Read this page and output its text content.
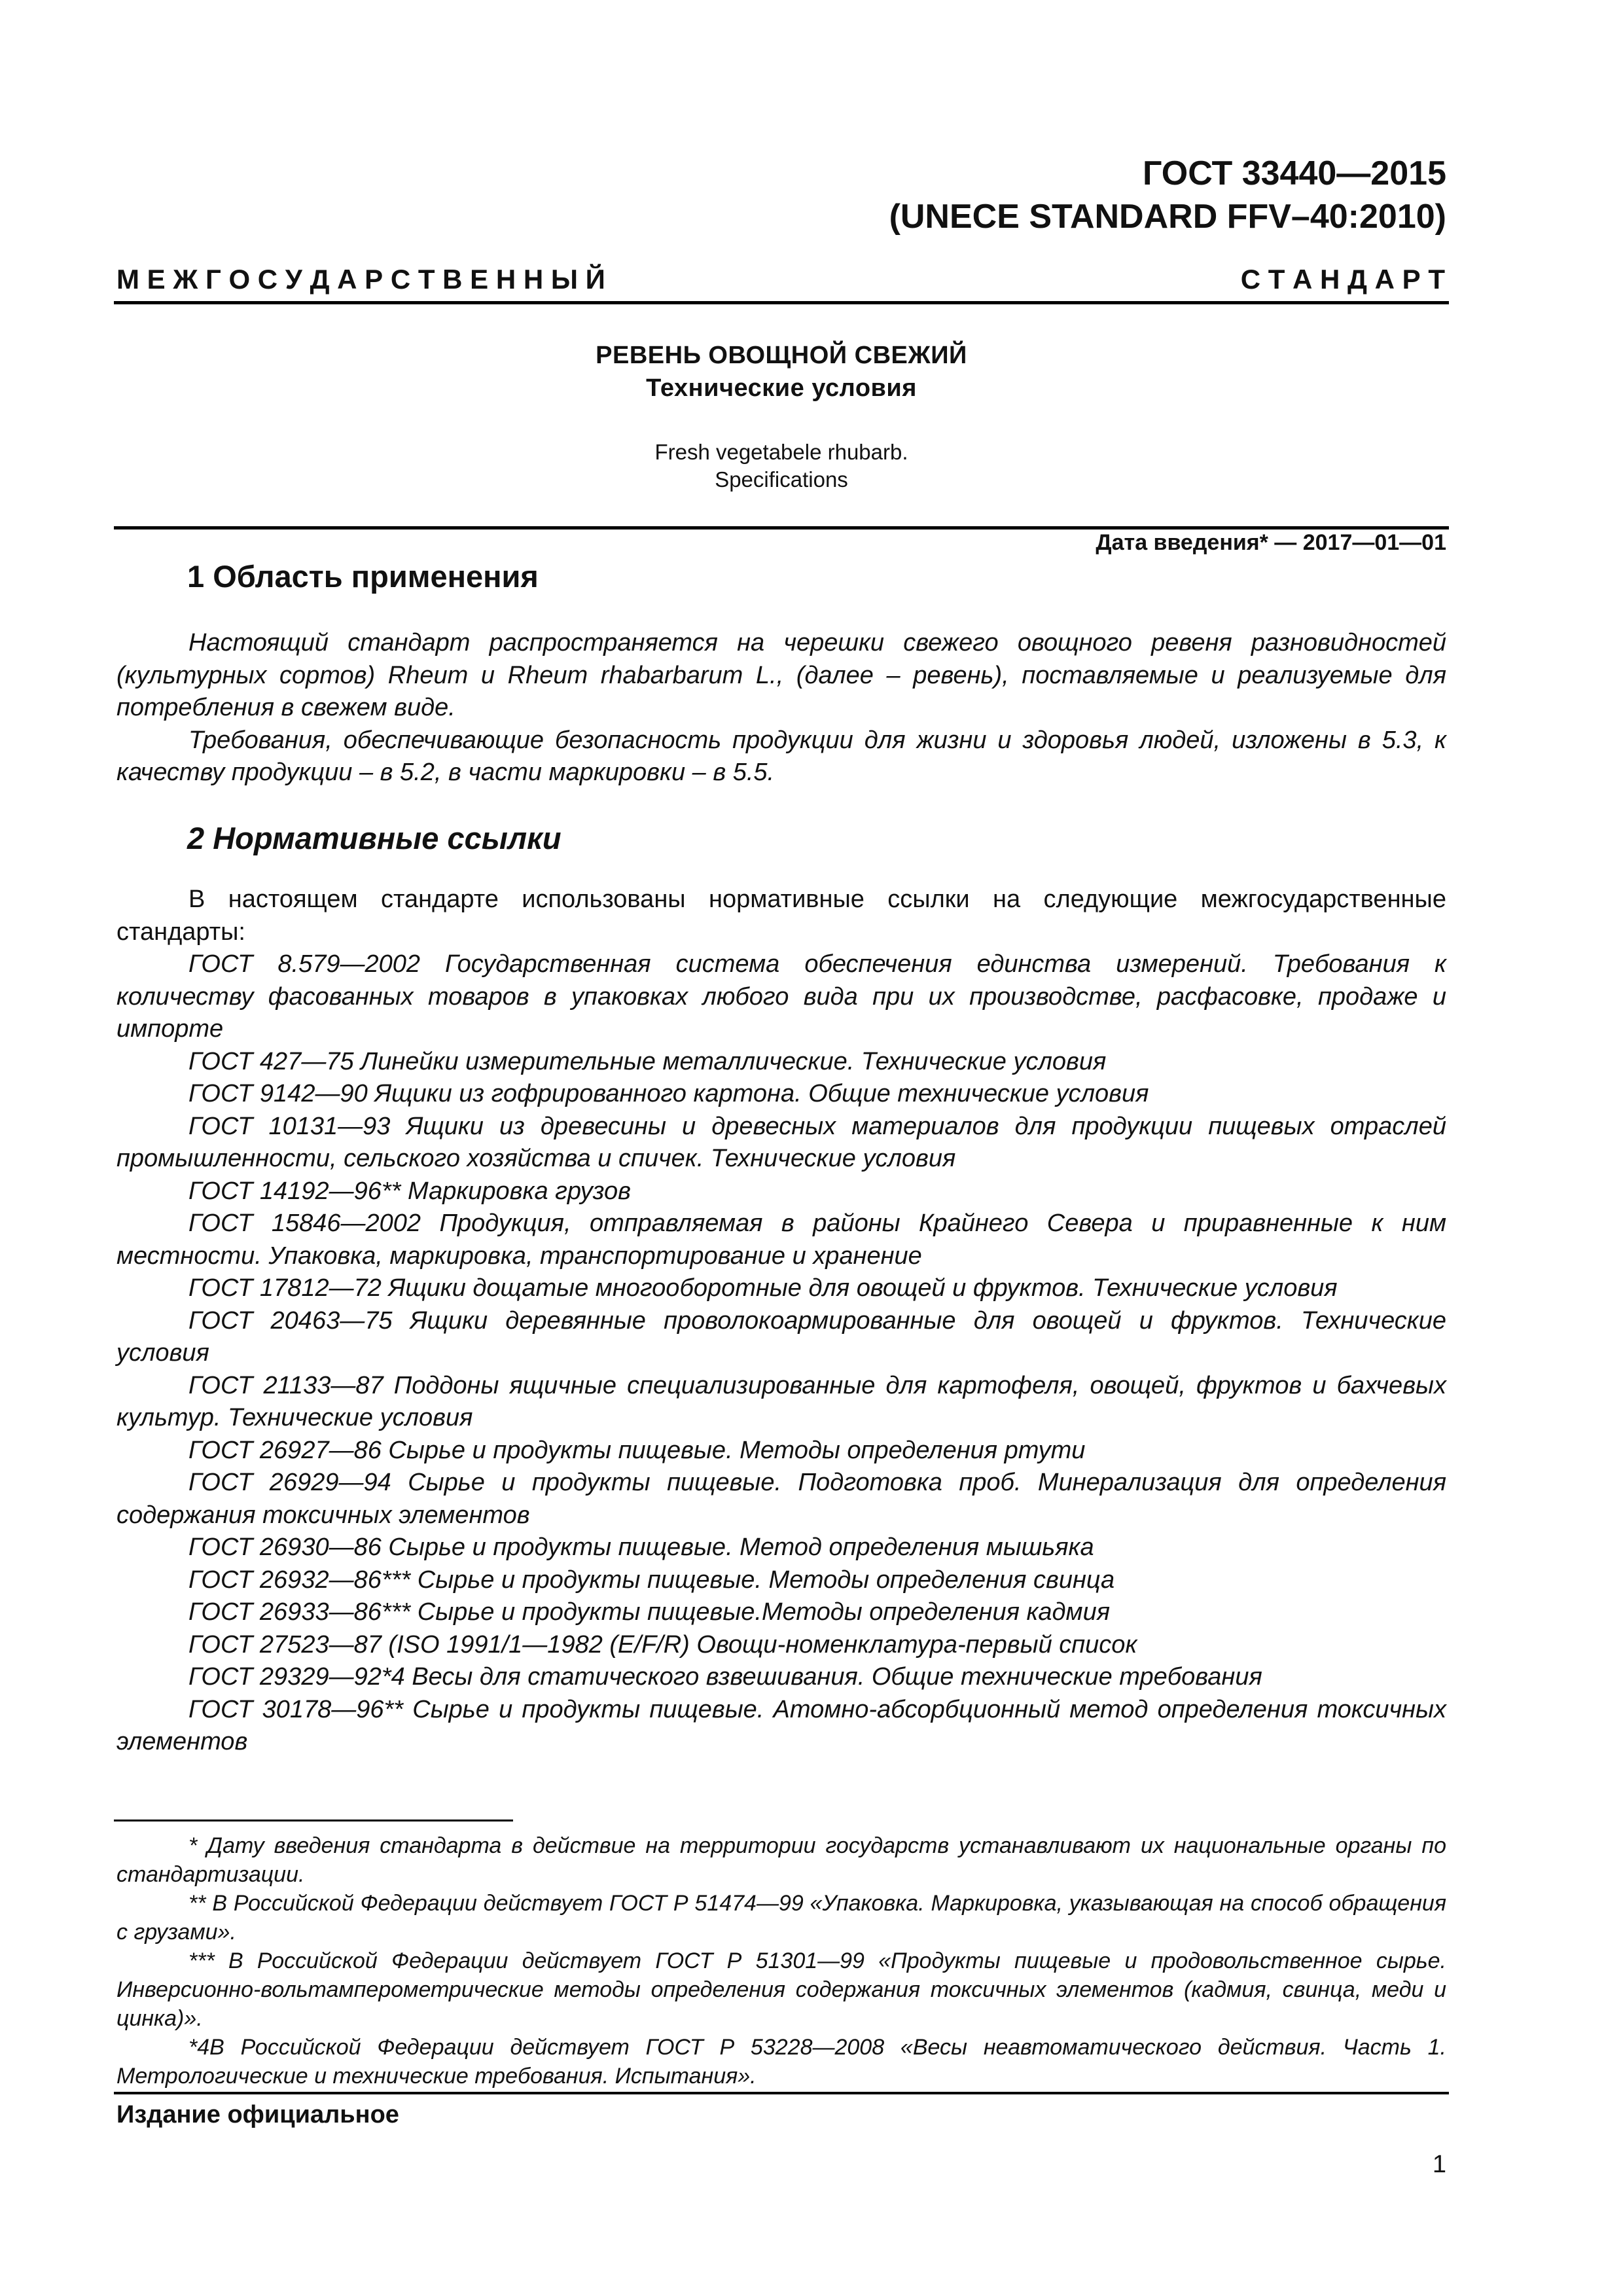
ГОСТ 33440—2015
(UNECE STANDARD FFV–40:2010)
М Е Ж Г О С У Д А Р С Т В Е Н Н Ы Й	С Т А Н Д А Р Т
РЕВЕНЬ ОВОЩНОЙ СВЕЖИЙ
Технические условия
Fresh vegetabele rhubarb.
Specifications
Дата введения* — 2017—01—01
1 Область применения

Настоящий стандарт распространяется на черешки свежего овощного ревеня разновидностей (культурных сортов) Rheum и Rheum rhabarbarum L., (далее – ревень), поставляемые и реализуемые для потребления в свежем виде.

Требования, обеспечивающие безопасность продукции для жизни и здоровья людей, изложены в 5.3, к качеству продукции – в 5.2, в части маркировки – в 5.5.

2 Нормативные ссылки

В настоящем стандарте использованы нормативные ссылки на следующие межгосударственные стандарты:

ГОСТ 8.579—2002 Государственная система обеспечения единства измерений. Требования к количеству фасованных товаров в упаковках любого вида при их производстве, расфасовке, продаже и импорте

ГОСТ 427—75 Линейки измерительные металлические. Технические условия

ГОСТ 9142—90 Ящики из гофрированного картона. Общие технические условия

ГОСТ 10131—93 Ящики из древесины и древесных материалов для продукции пищевых отраслей промышленности, сельского хозяйства и спичек. Технические условия

ГОСТ 14192—96** Маркировка грузов

ГОСТ 15846—2002 Продукция, отправляемая в районы Крайнего Севера и приравненные к ним местности. Упаковка, маркировка, транспортирование и хранение

ГОСТ 17812—72 Ящики дощатые многооборотные для овощей и фруктов. Технические условия

ГОСТ 20463—75 Ящики деревянные проволокоармированные для овощей и фруктов. Технические условия

ГОСТ 21133—87 Поддоны ящичные специализированные для картофеля, овощей, фруктов и бахчевых культур. Технические условия

ГОСТ 26927—86 Сырье и продукты пищевые. Методы определения ртути

ГОСТ 26929—94 Сырье и продукты пищевые. Подготовка проб. Минерализация для определения содержания токсичных элементов

ГОСТ 26930—86 Сырье и продукты пищевые. Метод определения мышьяка

ГОСТ 26932—86*** Сырье и продукты пищевые. Методы определения свинца

ГОСТ 26933—86*** Сырье и продукты пищевые.Методы определения кадмия

ГОСТ 27523—87 (ISO 1991/1—1982 (E/F/R) Овощи-номенклатура-первый список

ГОСТ 29329—92*4 Весы для статического взвешивания. Общие технические требования

ГОСТ 30178—96** Сырье и продукты пищевые. Атомно-абсорбционный метод определения токсичных элементов

* Дату введения стандарта в действие на территории государств устанавливают их национальные органы по стандартизации.

** В Российской Федерации действует ГОСТ Р 51474—99 «Упаковка. Маркировка, указывающая на способ обращения с грузами».

*** В Российской Федерации действует ГОСТ Р 51301—99 «Продукты пищевые и продовольственное сырье. Инверсионно-вольтамперометрические методы определения содержания токсичных элементов (кадмия, свинца, меди и цинка)».

*4В Российской Федерации действует ГОСТ Р 53228—2008 «Весы неавтоматического действия. Часть 1. Метрологические и технические требования. Испытания».

Издание официальное
1
